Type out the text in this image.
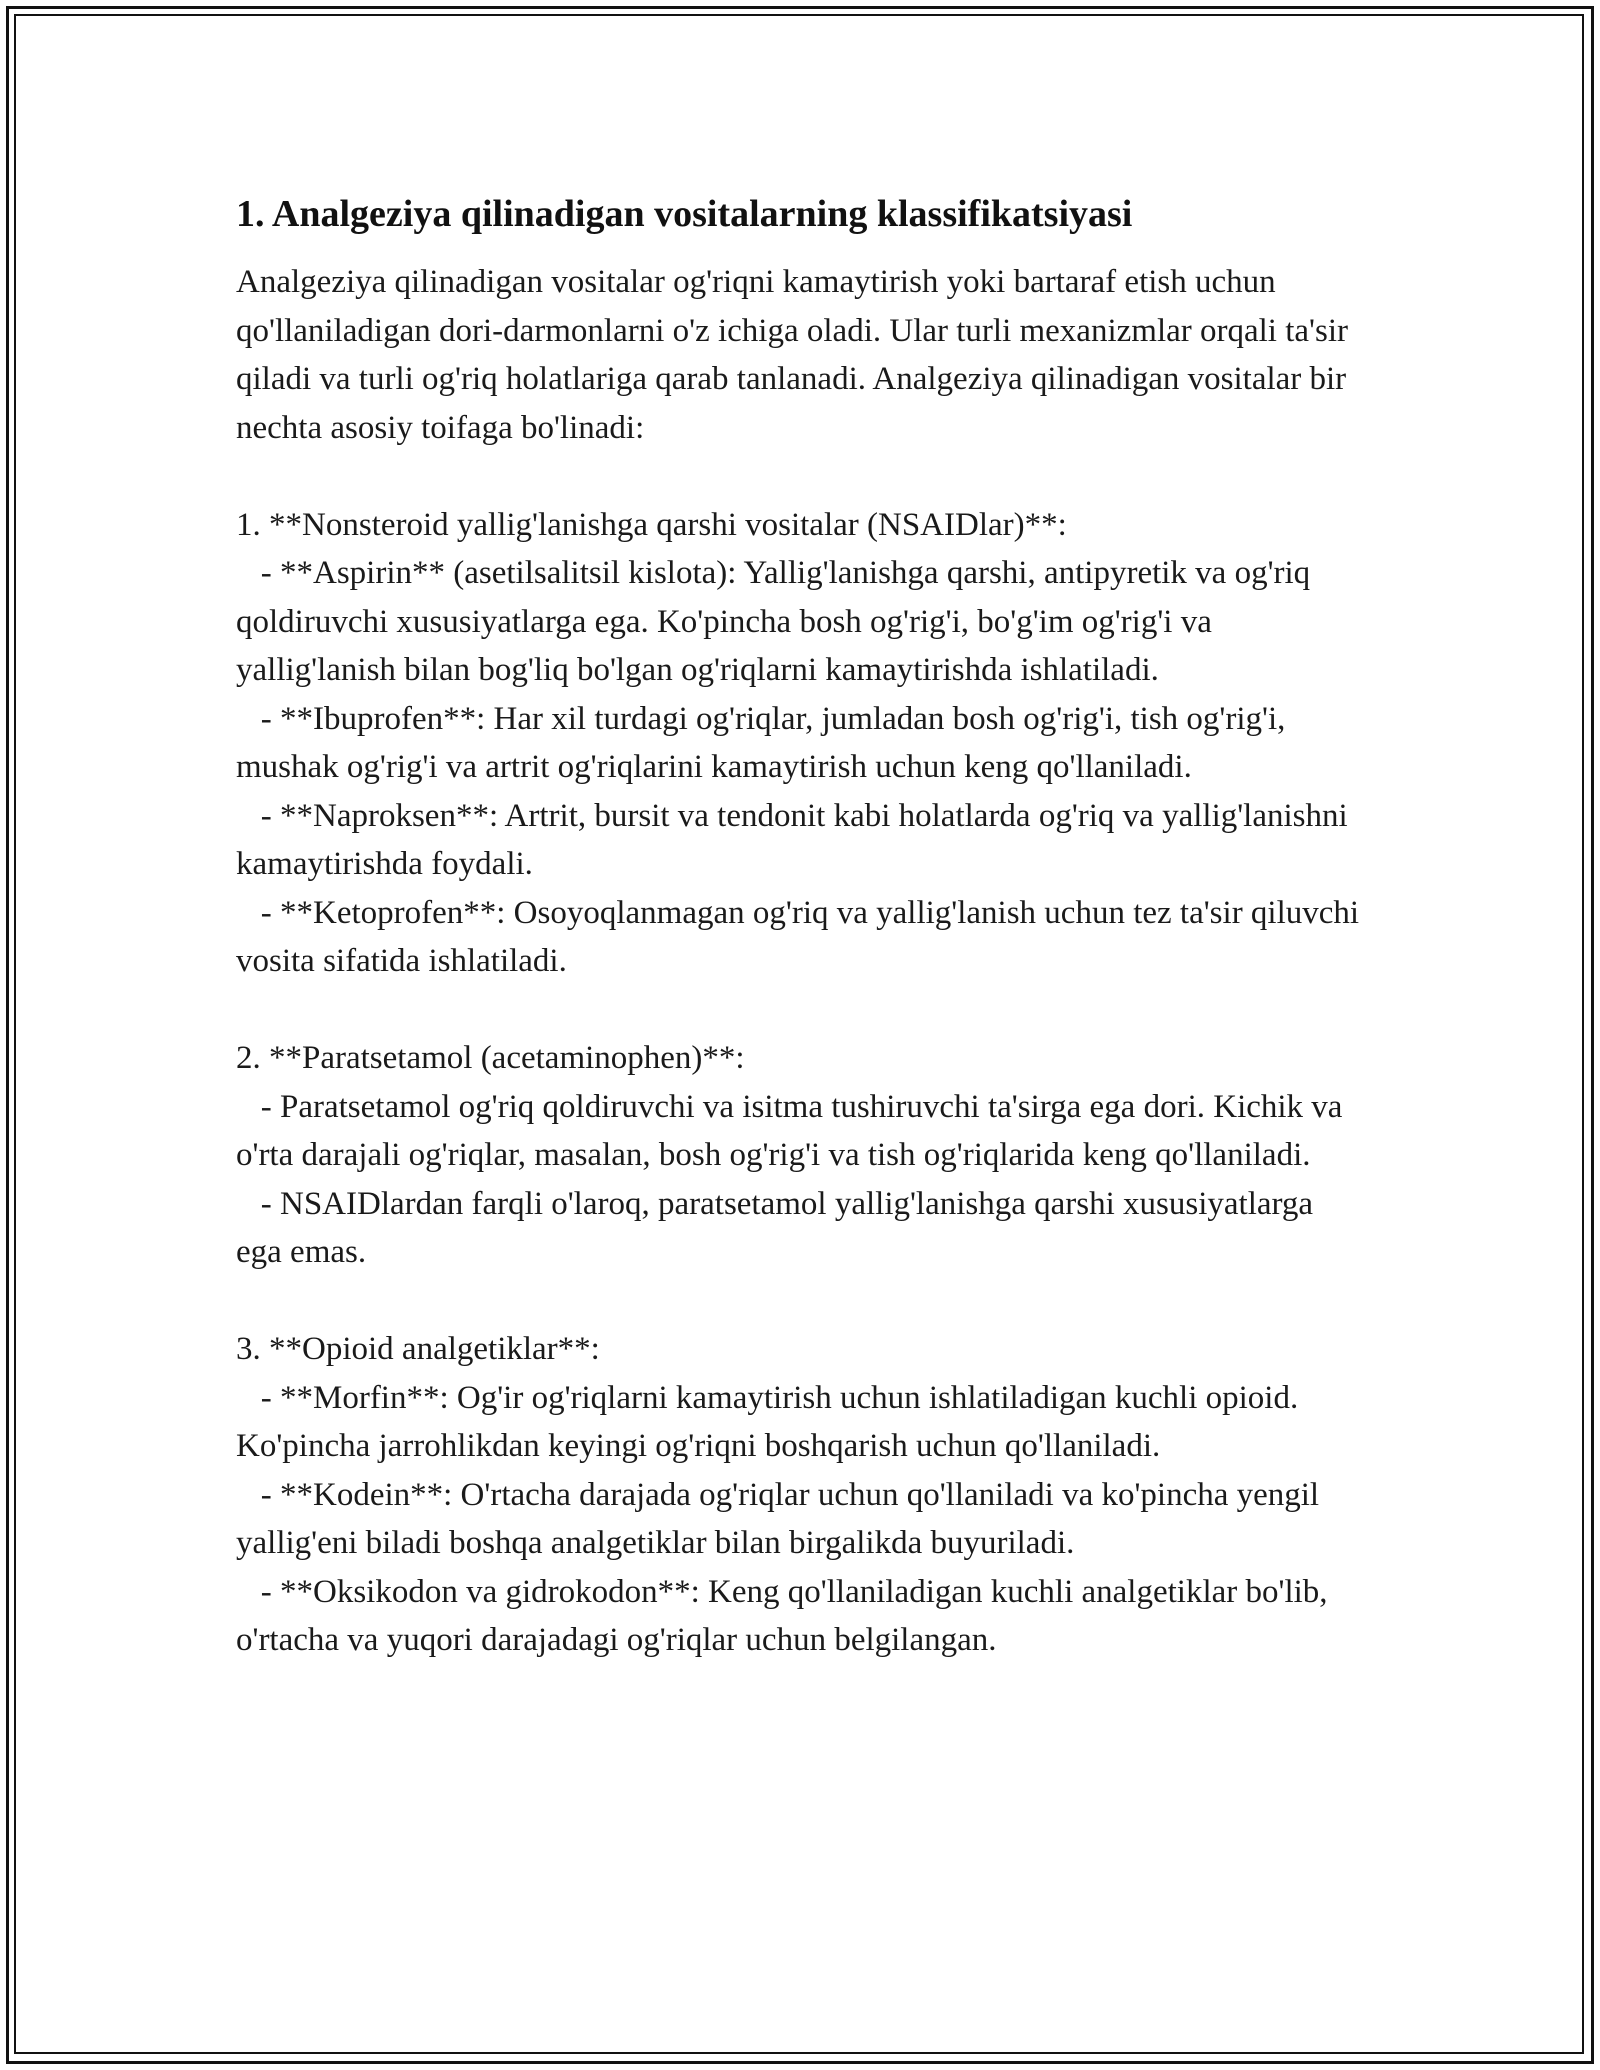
1. Analgeziya qilinadigan vositalarning klassifikatsiyasi

Analgeziya qilinadigan vositalar og'riqni kamaytirish yoki bartaraf etish uchun qo'llaniladigan dori-darmonlarni o'z ichiga oladi. Ular turli mexanizmlar orqali ta'sir qiladi va turli og'riq holatlariga qarab tanlanadi. Analgeziya qilinadigan vositalar bir nechta asosiy toifaga bo'linadi:

1. **Nonsteroid yallig'lanishga qarshi vositalar (NSAIDlar)**:

- **Aspirin** (asetilsalitsil kislota): Yallig'lanishga qarshi, antipyretik va og'riq qoldiruvchi xususiyatlarga ega. Ko'pincha bosh og'rig'i, bo'g'im og'rig'i va yallig'lanish bilan bog'liq bo'lgan og'riqlarni kamaytirishda ishlatiladi.

- **Ibuprofen**: Har xil turdagi og'riqlar, jumladan bosh og'rig'i, tish og'rig'i, mushak og'rig'i va artrit og'riqlarini kamaytirish uchun keng qo'llaniladi.

- **Naproksen**: Artrit, bursit va tendonit kabi holatlarda og'riq va yallig'lanishni kamaytirishda foydali.

- **Ketoprofen**: Osoyoqlanmagan og'riq va yallig'lanish uchun tez ta'sir qiluvchi vosita sifatida ishlatiladi.

2. **Paratsetamol (acetaminophen)**:

- Paratsetamol og'riq qoldiruvchi va isitma tushiruvchi ta'sirga ega dori. Kichik va o'rta darajali og'riqlar, masalan, bosh og'rig'i va tish og'riqlarida keng qo'llaniladi.

- NSAIDlardan farqli o'laroq, paratsetamol yallig'lanishga qarshi xususiyatlarga ega emas.

3. **Opioid analgetiklar**:

- **Morfin**: Og'ir og'riqlarni kamaytirish uchun ishlatiladigan kuchli opioid. Ko'pincha jarrohlikdan keyingi og'riqni boshqarish uchun qo'llaniladi.

- **Kodein**: O'rtacha darajada og'riqlar uchun qo'llaniladi va ko'pincha yengil yallig'eni biladi boshqa analgetiklar bilan birgalikda buyuriladi.

- **Oksikodon va gidrokodon**: Keng qo'llaniladigan kuchli analgetiklar bo'lib, o'rtacha va yuqori darajadagi og'riqlar uchun belgilangan.
